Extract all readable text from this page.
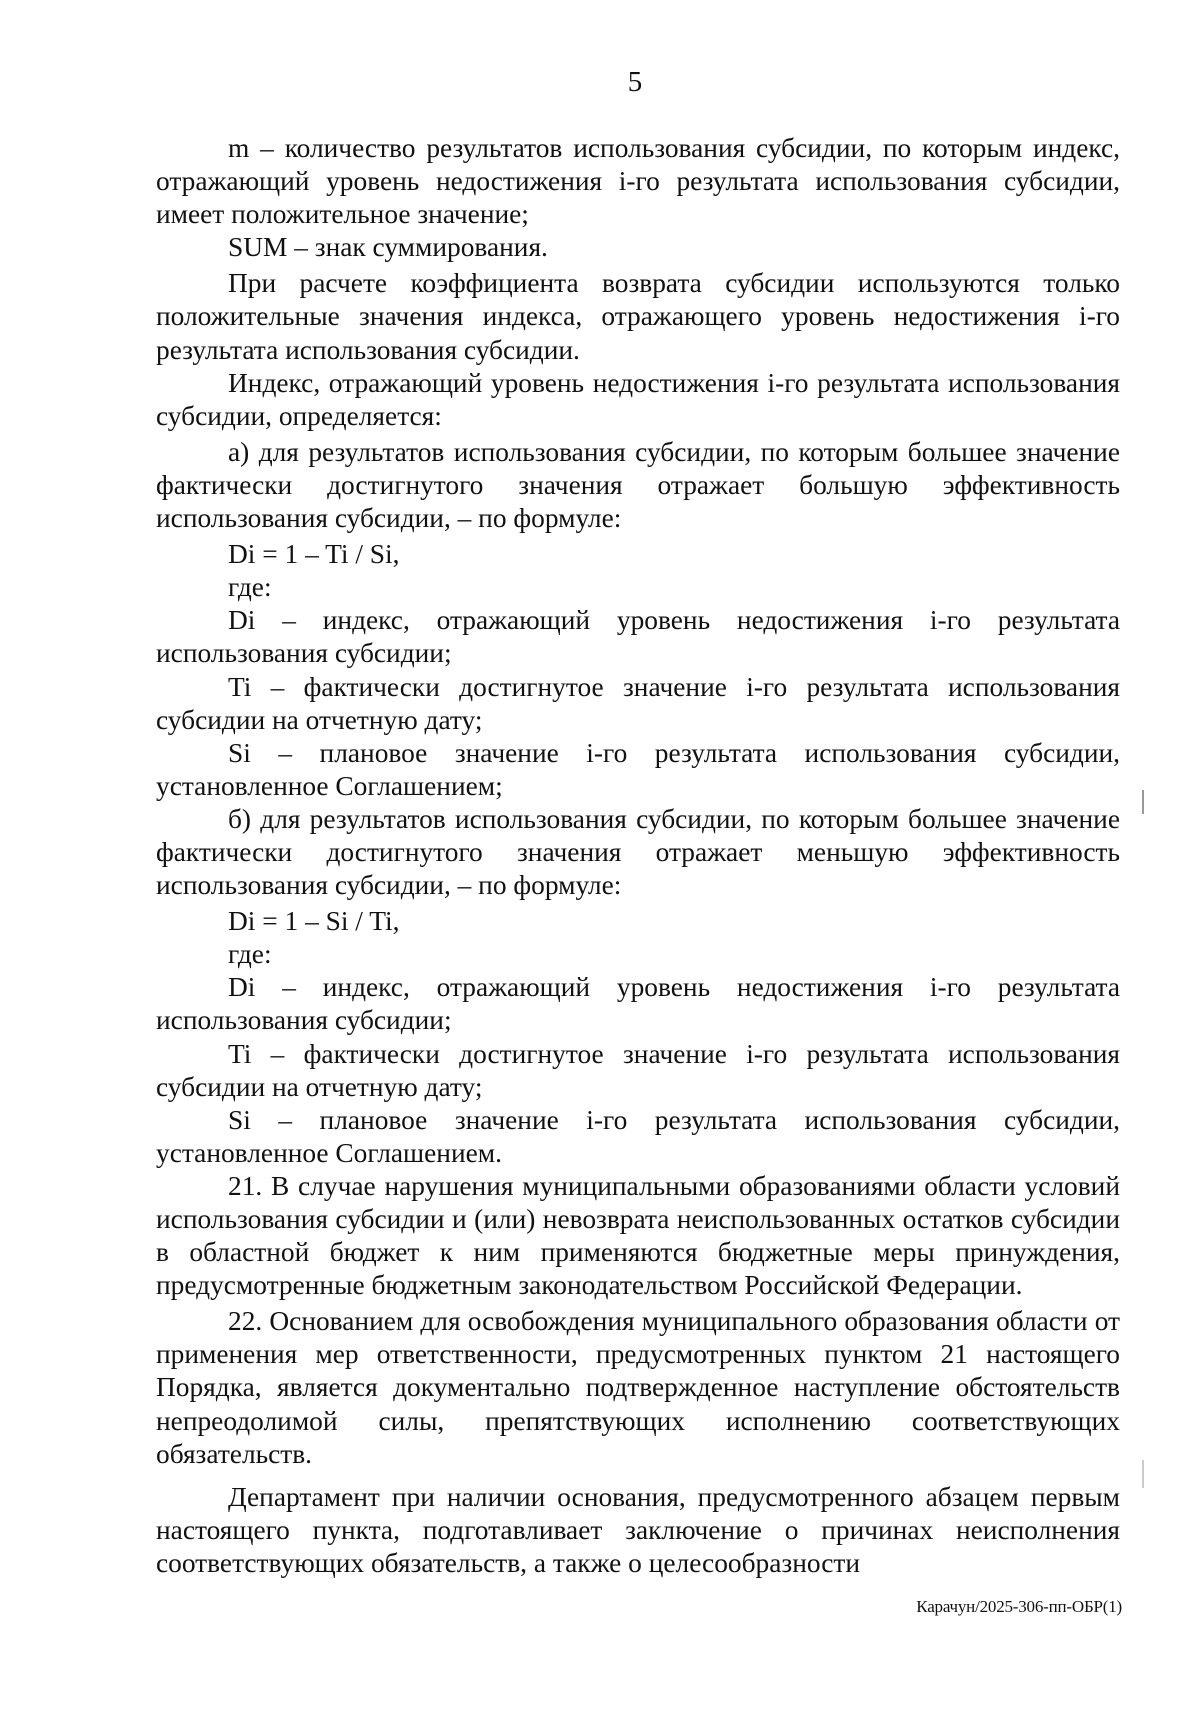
5

m – количество результатов использования субсидии, по которым индекс, отражающий уровень недостижения i-го результата использования субсидии, имеет положительное значение;

SUM – знак суммирования.

При расчете коэффициента возврата субсидии используются только положительные значения индекса, отражающего уровень недостижения i-го результата использования субсидии.

Индекс, отражающий уровень недостижения i-го результата использования субсидии, определяется:

а) для результатов использования субсидии, по которым большее значение фактически достигнутого значения отражает большую эффективность использования субсидии, – по формуле:

Di = 1 – Ti / Si,

где:

Di – индекс, отражающий уровень недостижения i-го результата использования субсидии;

Ti – фактически достигнутое значение i-го результата использования субсидии на отчетную дату;

Si – плановое значение i-го результата использования субсидии, установленное Соглашением;

б) для результатов использования субсидии, по которым большее значение фактически достигнутого значения отражает меньшую эффективность использования субсидии, – по формуле:

Di = 1 – Si / Ti,

где:

Di – индекс, отражающий уровень недостижения i-го результата использования субсидии;

Ti – фактически достигнутое значение i-го результата использования субсидии на отчетную дату;

Si – плановое значение i-го результата использования субсидии, установленное Соглашением.

21. В случае нарушения муниципальными образованиями области условий использования субсидии и (или) невозврата неиспользованных остатков субсидии в областной бюджет к ним применяются бюджетные меры принуждения, предусмотренные бюджетным законодательством Российской Федерации.

22. Основанием для освобождения муниципального образования области от применения мер ответственности, предусмотренных пунктом 21 настоящего Порядка, является документально подтвержденное наступление обстоятельств непреодолимой силы, препятствующих исполнению соответствующих обязательств.

Департамент при наличии основания, предусмотренного абзацем первым настоящего пункта, подготавливает заключение о причинах неисполнения соответствующих обязательств, а также о целесообразности

Карачун/2025-306-пп-ОБР(1)
